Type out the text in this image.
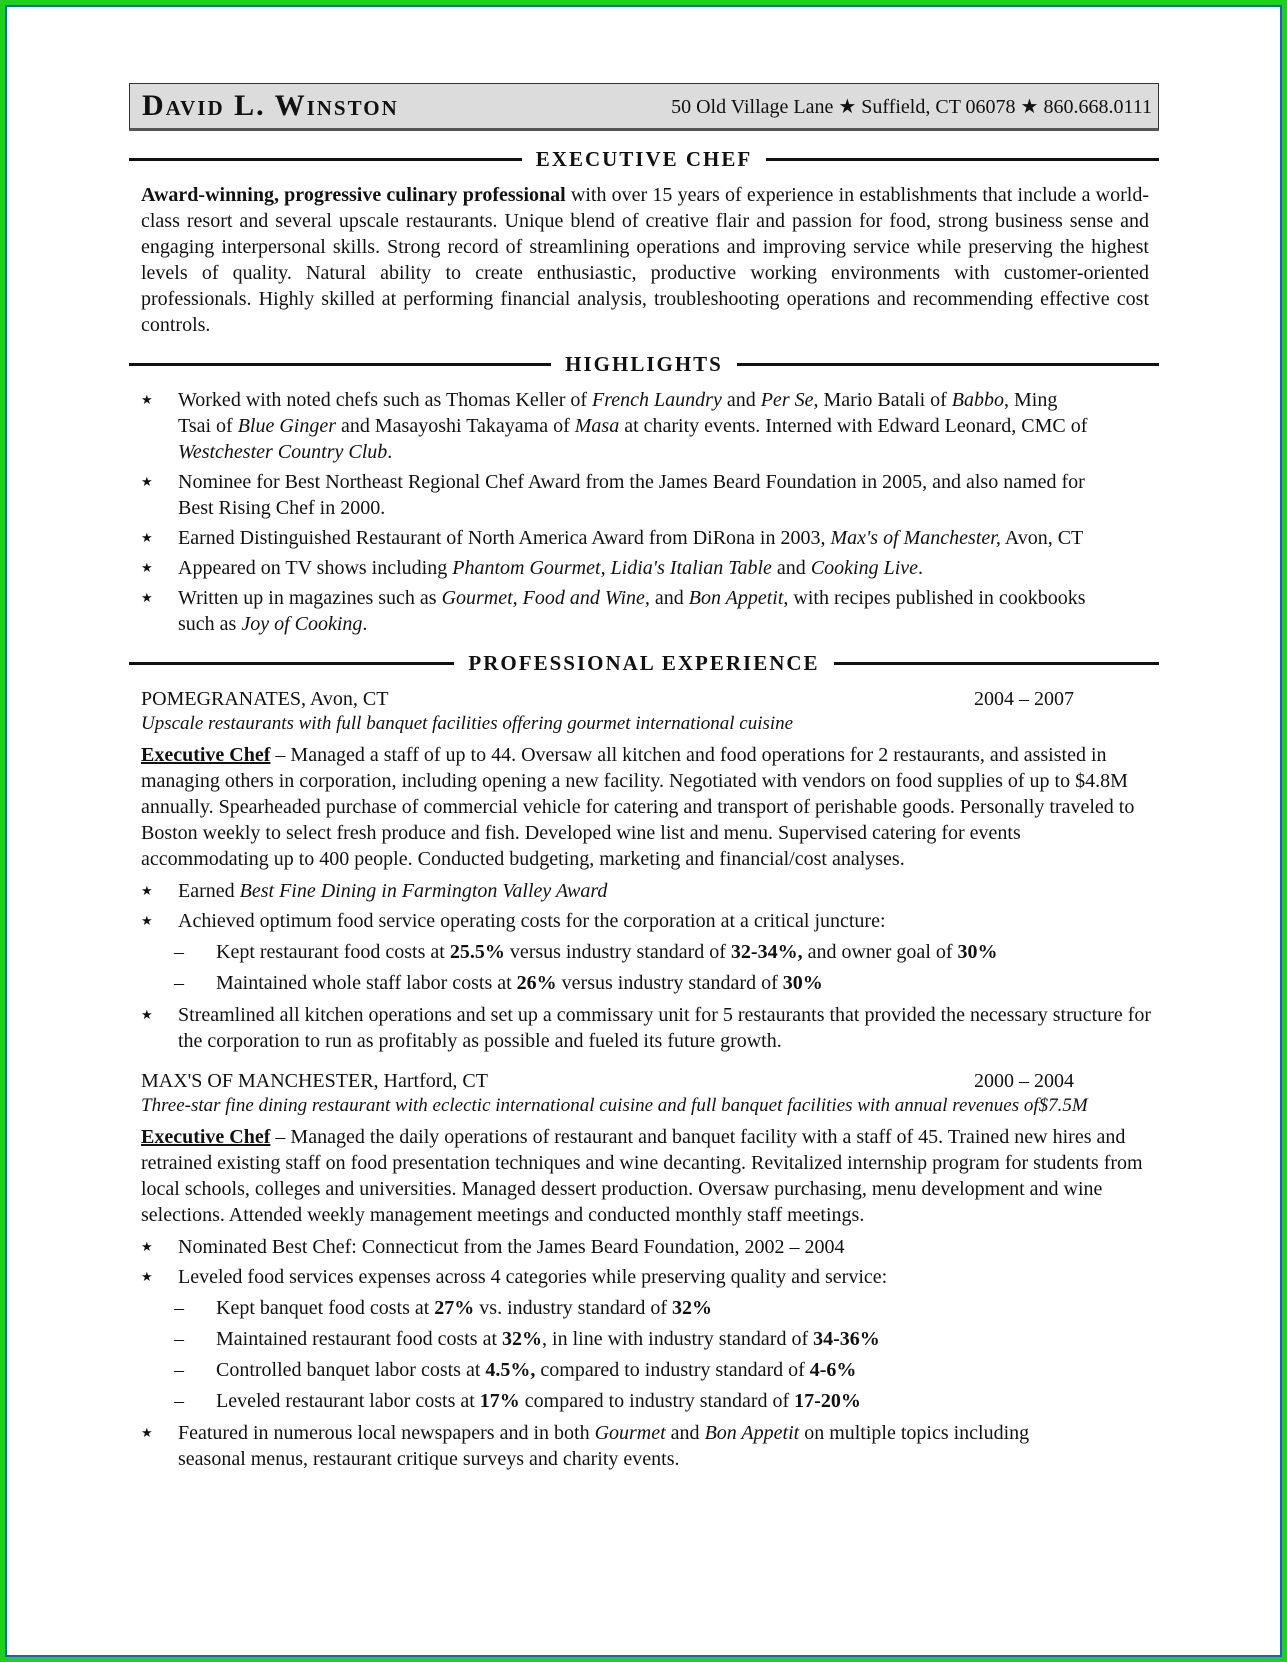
David L. Winston	50 Old Village Lane ★ Suffield, CT 06078 ★ 860.668.0111
EXECUTIVE CHEF
Award-winning, progressive culinary professional with over 15 years of experience in establishments that include a world-class resort and several upscale restaurants. Unique blend of creative flair and passion for food, strong business sense and engaging interpersonal skills. Strong record of streamlining operations and improving service while preserving the highest levels of quality. Natural ability to create enthusiastic, productive working environments with customer-oriented professionals. Highly skilled at performing financial analysis, troubleshooting operations and recommending effective cost controls.
HIGHLIGHTS
★ Worked with noted chefs such as Thomas Keller of French Laundry and Per Se, Mario Batali of Babbo, Ming Tsai of Blue Ginger and Masayoshi Takayama of Masa at charity events. Interned with Edward Leonard, CMC of Westchester Country Club.
★ Nominee for Best Northeast Regional Chef Award from the James Beard Foundation in 2005, and also named for Best Rising Chef in 2000.
★ Earned Distinguished Restaurant of North America Award from DiRona in 2003, Max's of Manchester, Avon, CT
★ Appeared on TV shows including Phantom Gourmet, Lidia's Italian Table and Cooking Live.
★ Written up in magazines such as Gourmet, Food and Wine, and Bon Appetit, with recipes published in cookbooks such as Joy of Cooking.
PROFESSIONAL EXPERIENCE
POMEGRANATES, Avon, CT	2004 – 2007
Upscale restaurants with full banquet facilities offering gourmet international cuisine
Executive Chef – Managed a staff of up to 44. Oversaw all kitchen and food operations for 2 restaurants, and assisted in managing others in corporation, including opening a new facility. Negotiated with vendors on food supplies of up to $4.8M annually. Spearheaded purchase of commercial vehicle for catering and transport of perishable goods. Personally traveled to Boston weekly to select fresh produce and fish. Developed wine list and menu. Supervised catering for events accommodating up to 400 people. Conducted budgeting, marketing and financial/cost analyses.
★ Earned Best Fine Dining in Farmington Valley Award
★ Achieved optimum food service operating costs for the corporation at a critical juncture:
– Kept restaurant food costs at 25.5% versus industry standard of 32-34%, and owner goal of 30%
– Maintained whole staff labor costs at 26% versus industry standard of 30%
★ Streamlined all kitchen operations and set up a commissary unit for 5 restaurants that provided the necessary structure for the corporation to run as profitably as possible and fueled its future growth.
MAX'S OF MANCHESTER, Hartford, CT	2000 – 2004
Three-star fine dining restaurant with eclectic international cuisine and full banquet facilities with annual revenues of$7.5M
Executive Chef – Managed the daily operations of restaurant and banquet facility with a staff of 45. Trained new hires and retrained existing staff on food presentation techniques and wine decanting. Revitalized internship program for students from local schools, colleges and universities. Managed dessert production. Oversaw purchasing, menu development and wine selections. Attended weekly management meetings and conducted monthly staff meetings.
★ Nominated Best Chef: Connecticut from the James Beard Foundation, 2002 – 2004
★ Leveled food services expenses across 4 categories while preserving quality and service:
– Kept banquet food costs at 27% vs. industry standard of 32%
– Maintained restaurant food costs at 32%, in line with industry standard of 34-36%
– Controlled banquet labor costs at 4.5%, compared to industry standard of 4-6%
– Leveled restaurant labor costs at 17% compared to industry standard of 17-20%
★ Featured in numerous local newspapers and in both Gourmet and Bon Appetit on multiple topics including seasonal menus, restaurant critique surveys and charity events.
